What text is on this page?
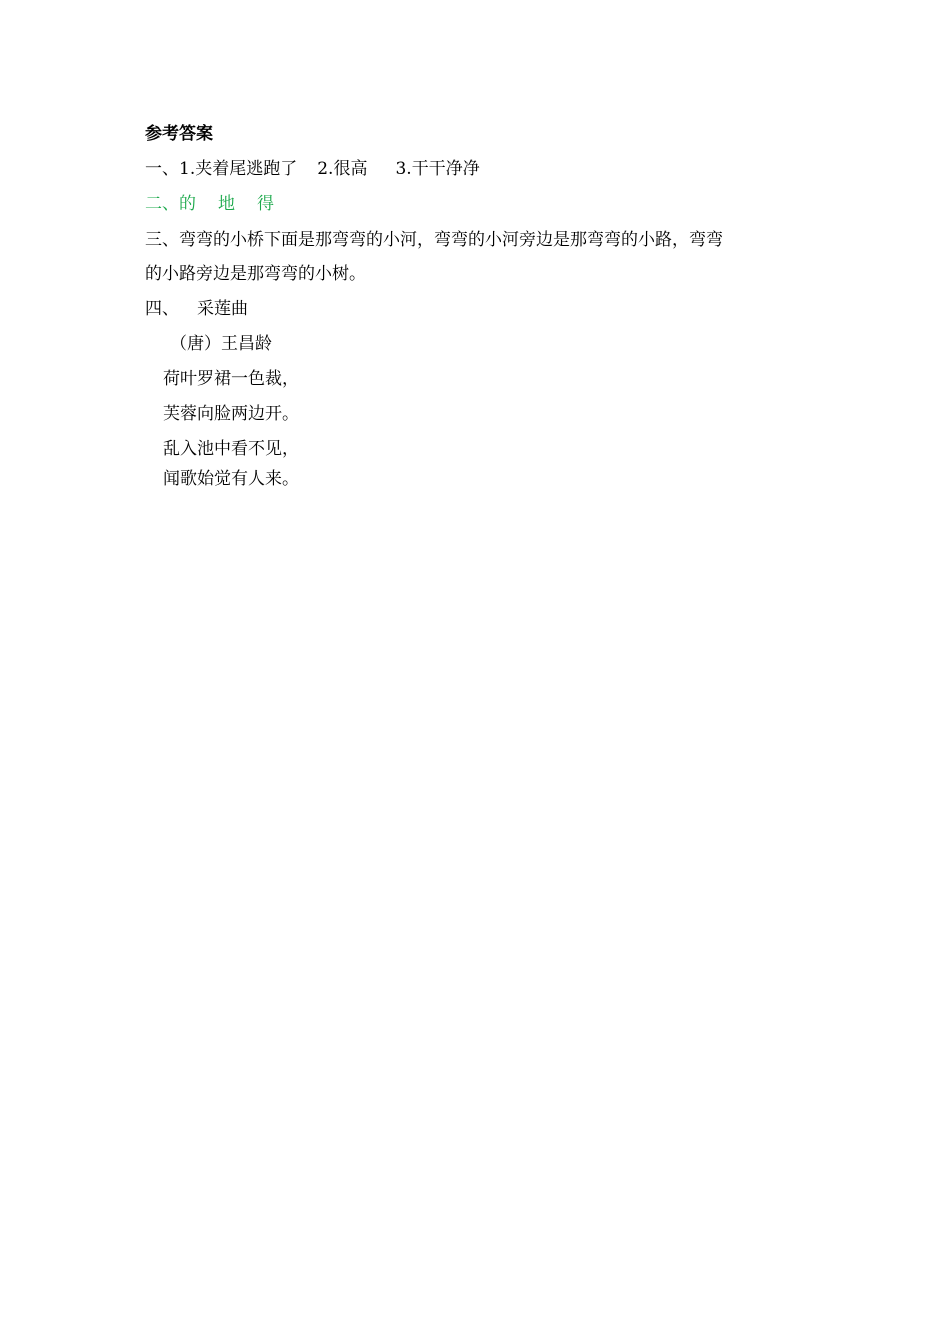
参考答案
一、1.夹着尾逃跑了 2.很高 3.干干净净
二、的 地 得
三、弯弯的小桥下面是那弯弯的小河，弯弯的小河旁边是那弯弯的小路，弯弯
的小路旁边是那弯弯的小树。
四、 采莲曲
（唐）王昌龄
荷叶罗裙一色裁，
芙蓉向脸两边开。
乱入池中看不见，
闻歌始觉有人来。
